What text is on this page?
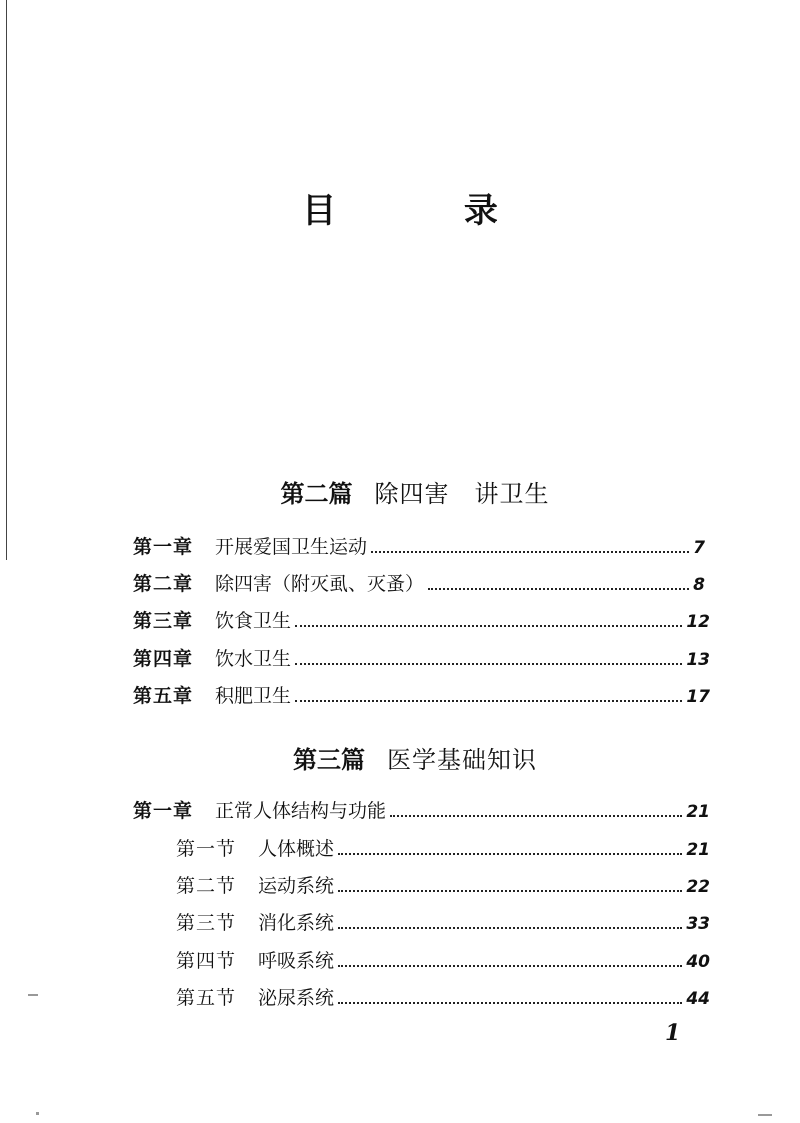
目 录
第二篇 除四害　讲卫生
第一章 开展爱国卫生运动	7
第二章 除四害（附灭虱、灭蚤）	8
第三章 饮食卫生	12
第四章 饮水卫生	13
第五章 积肥卫生	17
第三篇 医学基础知识
第一章 正常人体结构与功能	21
第一节 人体概述	21
第二节 运动系统	22
第三节 消化系统	33
第四节 呼吸系统	40
第五节 泌尿系统	44
1
